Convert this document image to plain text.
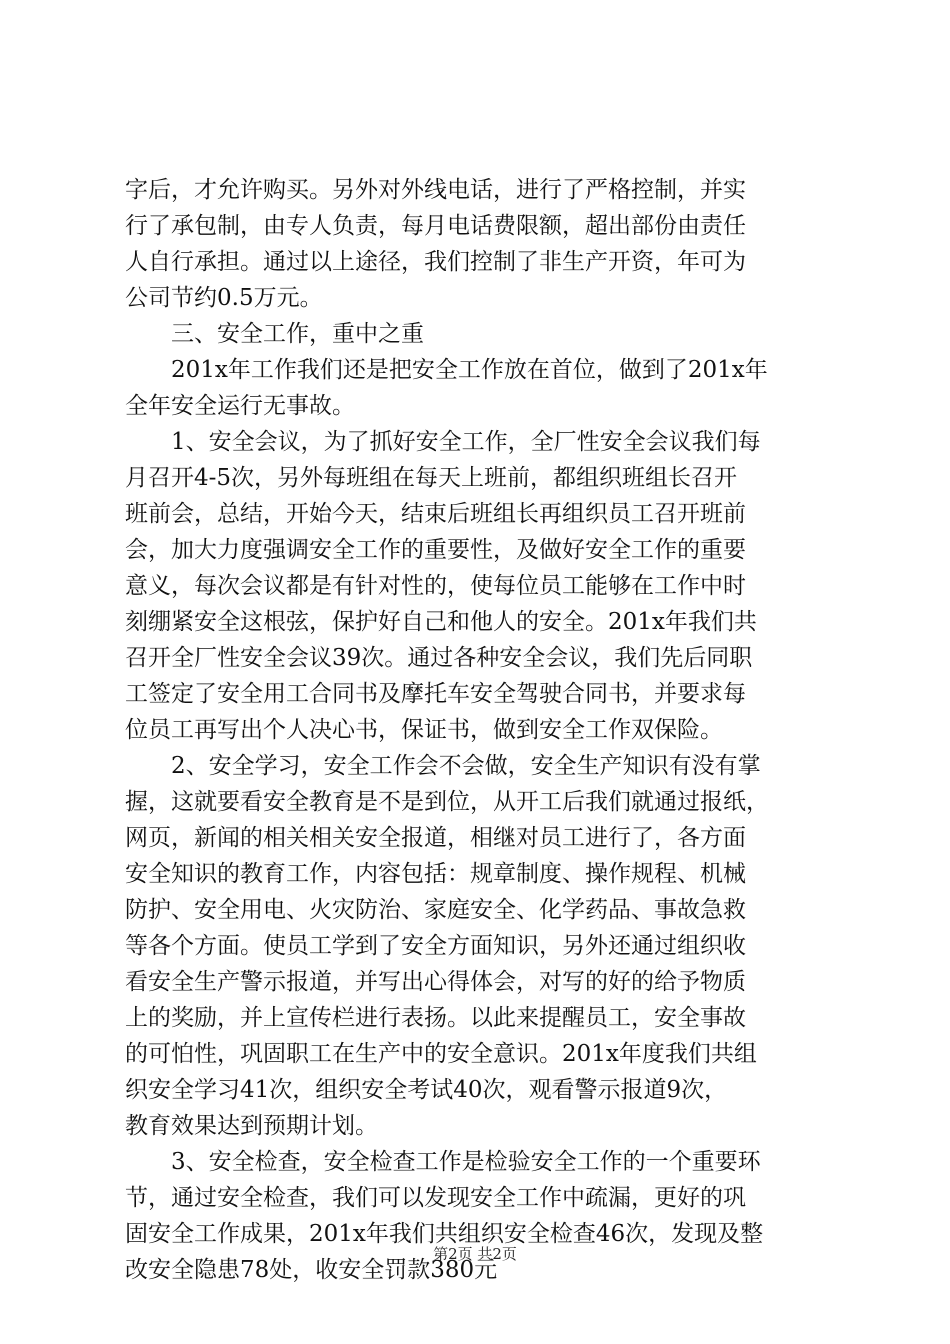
字后，才允许购买。另外对外线电话，进行了严格控制，并实
行了承包制，由专人负责，每月电话费限额，超出部份由责任
人自行承担。通过以上途径，我们控制了非生产开资，年可为
公司节约0.5万元。
三、安全工作，重中之重
201x年工作我们还是把安全工作放在首位，做到了201x年
全年安全运行无事故。
1、安全会议，为了抓好安全工作，全厂性安全会议我们每
月召开4-5次，另外每班组在每天上班前，都组织班组长召开
班前会，总结，开始今天，结束后班组长再组织员工召开班前
会，加大力度强调安全工作的重要性，及做好安全工作的重要
意义，每次会议都是有针对性的，使每位员工能够在工作中时
刻绷紧安全这根弦，保护好自己和他人的安全。201x年我们共
召开全厂性安全会议39次。通过各种安全会议，我们先后同职
工签定了安全用工合同书及摩托车安全驾驶合同书，并要求每
位员工再写出个人决心书，保证书，做到安全工作双保险。
2、安全学习，安全工作会不会做，安全生产知识有没有掌
握，这就要看安全教育是不是到位，从开工后我们就通过报纸，
网页，新闻的相关相关安全报道，相继对员工进行了，各方面
安全知识的教育工作，内容包括：规章制度、操作规程、机械
防护、安全用电、火灾防治、家庭安全、化学药品、事故急救
等各个方面。使员工学到了安全方面知识，另外还通过组织收
看安全生产警示报道，并写出心得体会，对写的好的给予物质
上的奖励，并上宣传栏进行表扬。以此来提醒员工，安全事故
的可怕性，巩固职工在生产中的安全意识。201x年度我们共组
织安全学习41次，组织安全考试40次，观看警示报道9次，
教育效果达到预期计划。
3、安全检查，安全检查工作是检验安全工作的一个重要环
节，通过安全检查，我们可以发现安全工作中疏漏，更好的巩
固安全工作成果，201x年我们共组织安全检查46次，发现及整
改安全隐患78处，收安全罚款380元
第2页 共2页
